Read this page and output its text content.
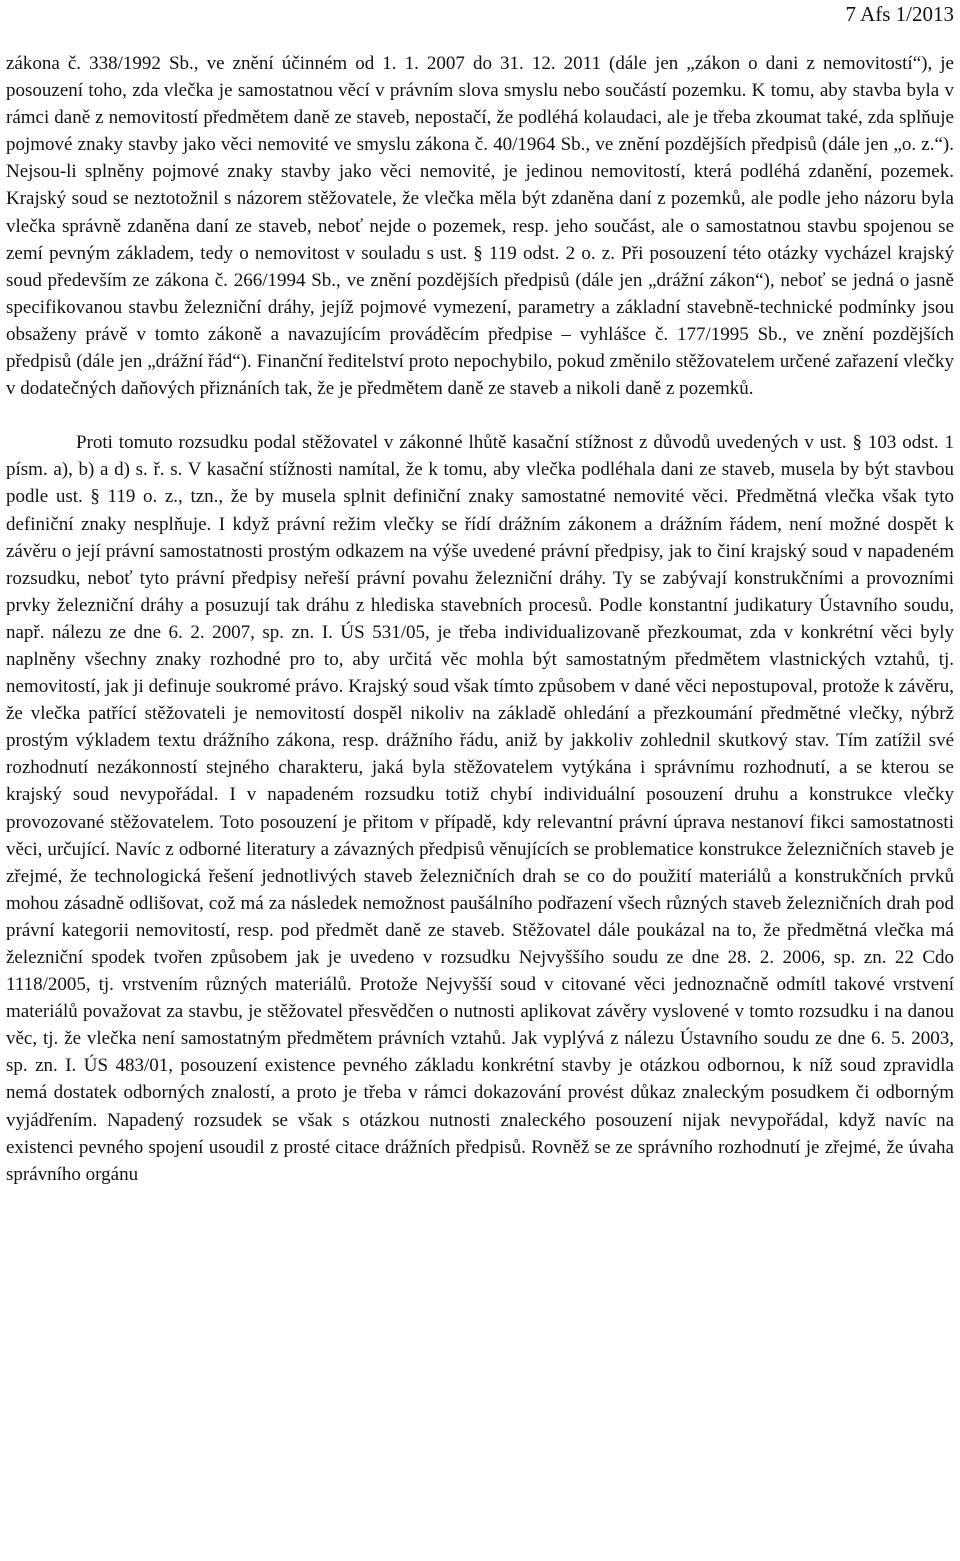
7 Afs 1/2013

zákona č. 338/1992 Sb., ve znění účinném od 1. 1. 2007 do 31. 12. 2011 (dále jen „zákon o dani z nemovitostí“), je posouzení toho, zda vlečka je samostatnou věcí v právním slova smyslu nebo součástí pozemku. K tomu, aby stavba byla v rámci daně z nemovitostí předmětem daně ze staveb, nepostačí, že podléhá kolaudaci, ale je třeba zkoumat také, zda splňuje pojmové znaky stavby jako věci nemovité ve smyslu zákona č. 40/1964 Sb., ve znění pozdějších předpisů (dále jen „o. z.“). Nejsou-li splněny pojmové znaky stavby jako věci nemovité, je jedinou nemovitostí, která podléhá zdanění, pozemek. Krajský soud se neztotožnil s názorem stěžovatele, že vlečka měla být zdaněna daní z pozemků, ale podle jeho názoru byla vlečka správně zdaněna daní ze staveb, neboť nejde o pozemek, resp. jeho součást, ale o samostatnou stavbu spojenou se zemí pevným základem, tedy o nemovitost v souladu s ust. § 119 odst. 2 o. z. Při posouzení této otázky vycházel krajský soud především ze zákona č. 266/1994 Sb., ve znění pozdějších předpisů (dále jen „drážní zákon“), neboť se jedná o jasně specifikovanou stavbu železniční dráhy, jejíž pojmové vymezení, parametry a základní stavebně-technické podmínky jsou obsaženy právě v tomto zákoně a navazujícím prováděcím předpise – vyhlášce č. 177/1995 Sb., ve znění pozdějších předpisů (dále jen „drážní řád“). Finanční ředitelství proto nepochybilo, pokud změnilo stěžovatelem určené zařazení vlečky v dodatečných daňových přiznáních tak, že je předmětem daně ze staveb a nikoli daně z pozemků.

Proti tomuto rozsudku podal stěžovatel v zákonné lhůtě kasační stížnost z důvodů uvedených v ust. § 103 odst. 1 písm. a), b) a d) s. ř. s. V kasační stížnosti namítal, že k tomu, aby vlečka podléhala dani ze staveb, musela by být stavbou podle ust. § 119 o. z., tzn., že by musela splnit definiční znaky samostatné nemovité věci. Předmětná vlečka však tyto definiční znaky nesplňuje. I když právní režim vlečky se řídí drážním zákonem a drážním řádem, není možné dospět k závěru o její právní samostatnosti prostým odkazem na výše uvedené právní předpisy, jak to činí krajský soud v napadeném rozsudku, neboť tyto právní předpisy neřeší právní povahu železniční dráhy. Ty se zabývají konstrukčními a provozními prvky železniční dráhy a posuzují tak dráhu z hlediska stavebních procesů. Podle konstantní judikatury Ústavního soudu, např. nálezu ze dne 6. 2. 2007, sp. zn. I. ÚS 531/05, je třeba individualizovaně přezkoumat, zda v konkrétní věci byly naplněny všechny znaky rozhodné pro to, aby určitá věc mohla být samostatným předmětem vlastnických vztahů, tj. nemovitostí, jak ji definuje soukromé právo. Krajský soud však tímto způsobem v dané věci nepostupoval, protože k závěru, že vlečka patřící stěžovateli je nemovitostí dospěl nikoliv na základě ohledání a přezkoumání předmětné vlečky, nýbrž prostým výkladem textu drážního zákona, resp. drážního řádu, aniž by jakkoliv zohlednil skutkový stav. Tím zatížil své rozhodnutí nezákonností stejného charakteru, jaká byla stěžovatelem vytýkána i správnímu rozhodnutí, a se kterou se krajský soud nevypořádal. I v napadeném rozsudku totiž chybí individuální posouzení druhu a konstrukce vlečky provozované stěžovatelem. Toto posouzení je přitom v případě, kdy relevantní právní úprava nestanoví fikci samostatnosti věci, určující. Navíc z odborné literatury a závazných předpisů věnujících se problematice konstrukce železničních staveb je zřejmé, že technologická řešení jednotlivých staveb železničních drah se co do použití materiálů a konstrukčních prvků mohou zásadně odlišovat, což má za následek nemožnost paušálního podřazení všech různých staveb železničních drah pod právní kategorii nemovitostí, resp. pod předmět daně ze staveb. Stěžovatel dále poukázal na to, že předmětná vlečka má železniční spodek tvořen způsobem jak je uvedeno v rozsudku Nejvyššího soudu ze dne 28. 2. 2006, sp. zn. 22 Cdo 1118/2005, tj. vrstvením různých materiálů. Protože Nejvyšší soud v citované věci jednoznačně odmítl takové vrstvení materiálů považovat za stavbu, je stěžovatel přesvědčen o nutnosti aplikovat závěry vyslovené v tomto rozsudku i na danou věc, tj. že vlečka není samostatným předmětem právních vztahů. Jak vyplývá z nálezu Ústavního soudu ze dne 6. 5. 2003, sp. zn. I. ÚS 483/01, posouzení existence pevného základu konkrétní stavby je otázkou odbornou, k níž soud zpravidla nemá dostatek odborných znalostí, a proto je třeba v rámci dokazování provést důkaz znaleckým posudkem či odborným vyjádřením. Napadený rozsudek se však s otázkou nutnosti znaleckého posouzení nijak nevypořádal, když navíc na existenci pevného spojení usoudil z prosté citace drážních předpisů. Rovněž se ze správního rozhodnutí je zřejmé, že úvaha správního orgánu
